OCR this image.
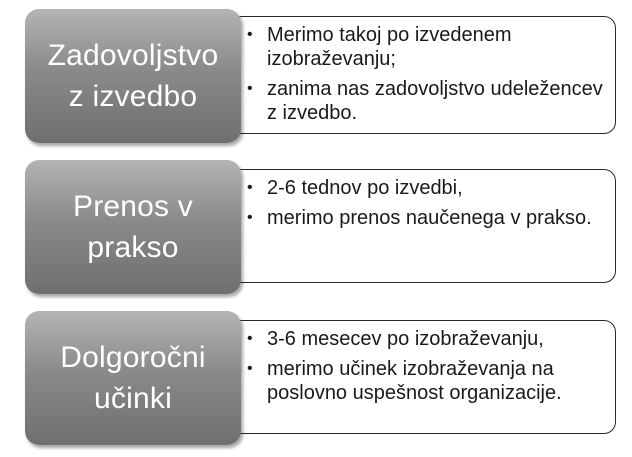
• Merimo takoj po izvedenem izobraževanju;
• zanima nas zadovoljstvo udeležencev z izvedbo.
Zadovoljstvo
z izvedbo
• 2-6 tednov po izvedbi,
• merimo prenos naučenega v prakso.
Prenos v
prakso
• 3-6 mesecev po izobraževanju,
• merimo učinek izobraževanja na poslovno uspešnost organizacije.
Dolgoročni
učinki
